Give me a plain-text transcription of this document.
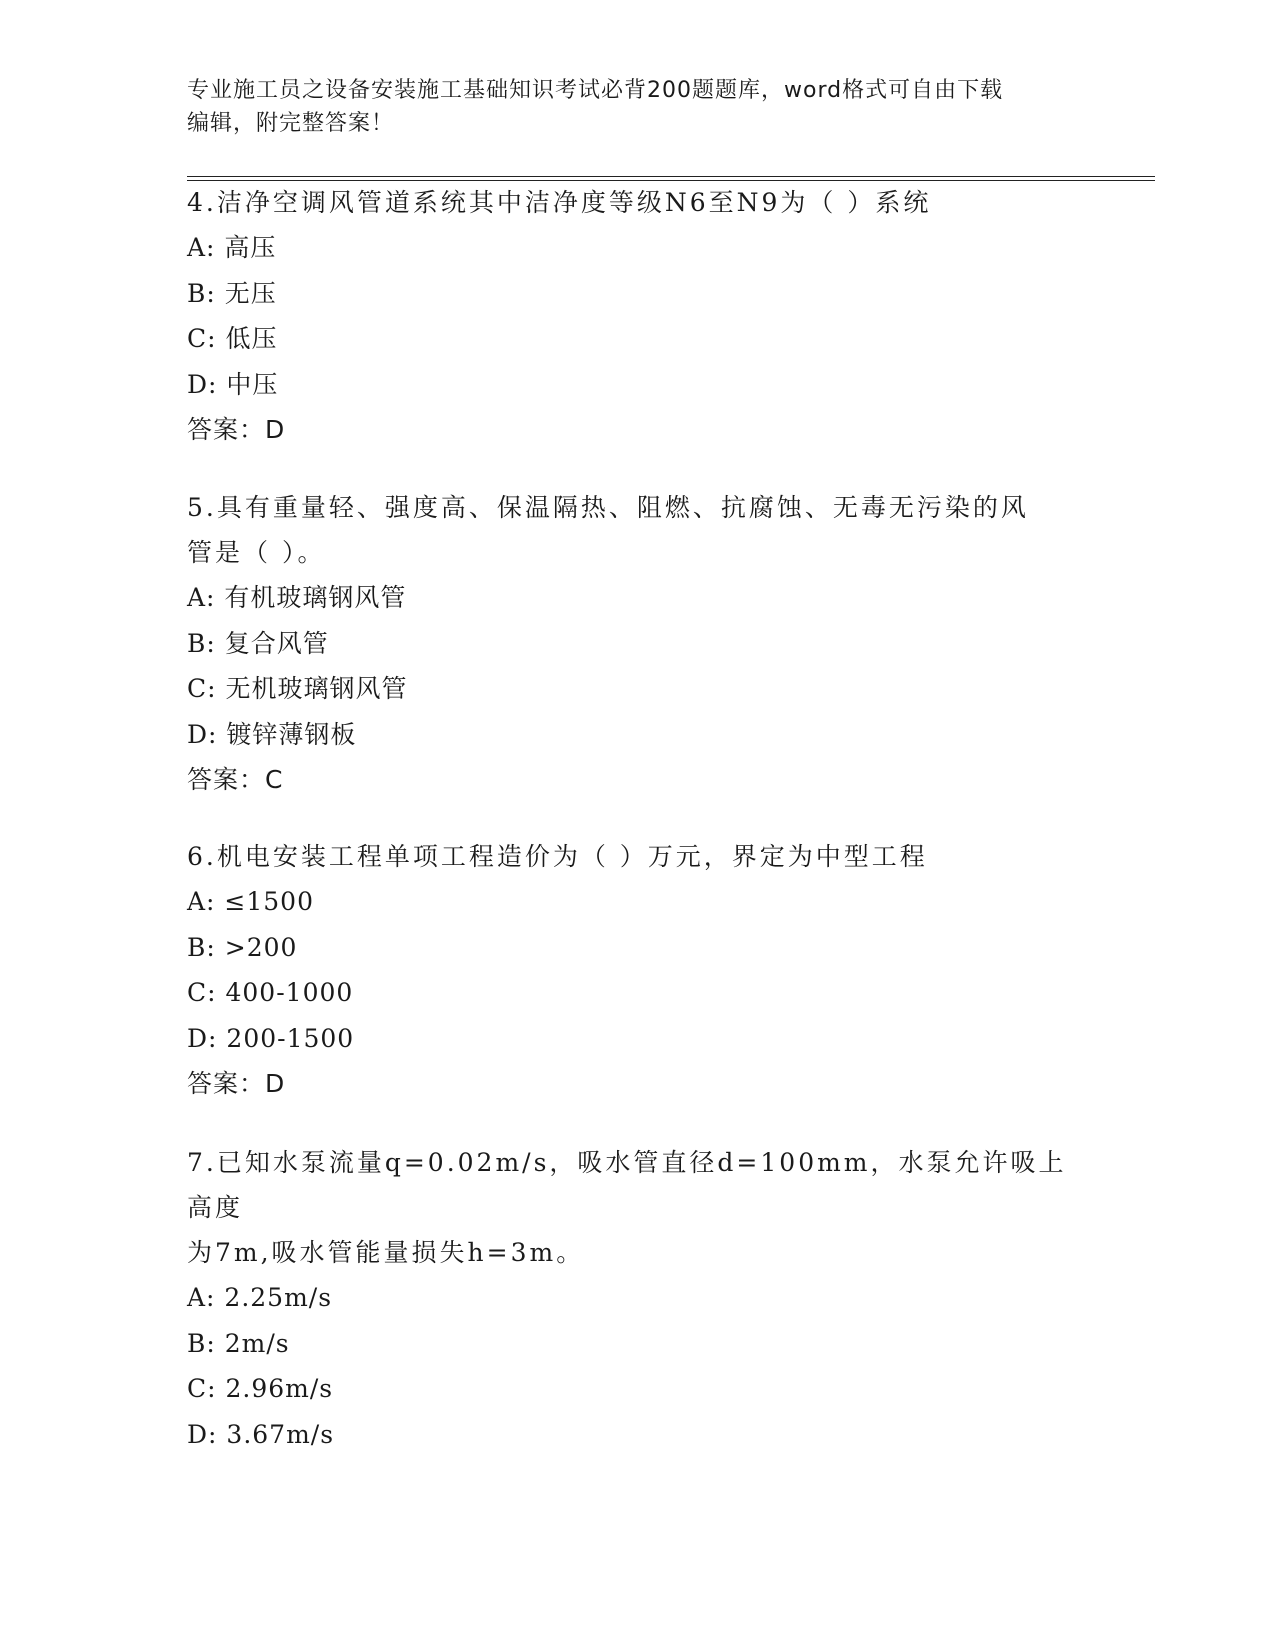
专业施工员之设备安装施工基础知识考试必背200题题库，word格式可自由下载
编辑，附完整答案！

4.洁净空调风管道系统其中洁净度等级N6至N9为（ ）系统

A: 高压

B: 无压

C: 低压

D: 中压

答案：D

5.具有重量轻、强度高、保温隔热、阻燃、抗腐蚀、无毒无污染的风

管是（ ）。

A: 有机玻璃钢风管

B: 复合风管

C: 无机玻璃钢风管

D: 镀锌薄钢板

答案：C

6.机电安装工程单项工程造价为（ ）万元，界定为中型工程

A: ≤1500

B: >200

C: 400-1000

D: 200-1500

答案：D

7.已知水泵流量q=0.02m/s，吸水管直径d=100mm，水泵允许吸上高度

为7m,吸水管能量损失h=3m。

A: 2.25m/s

B: 2m/s

C: 2.96m/s

D: 3.67m/s
